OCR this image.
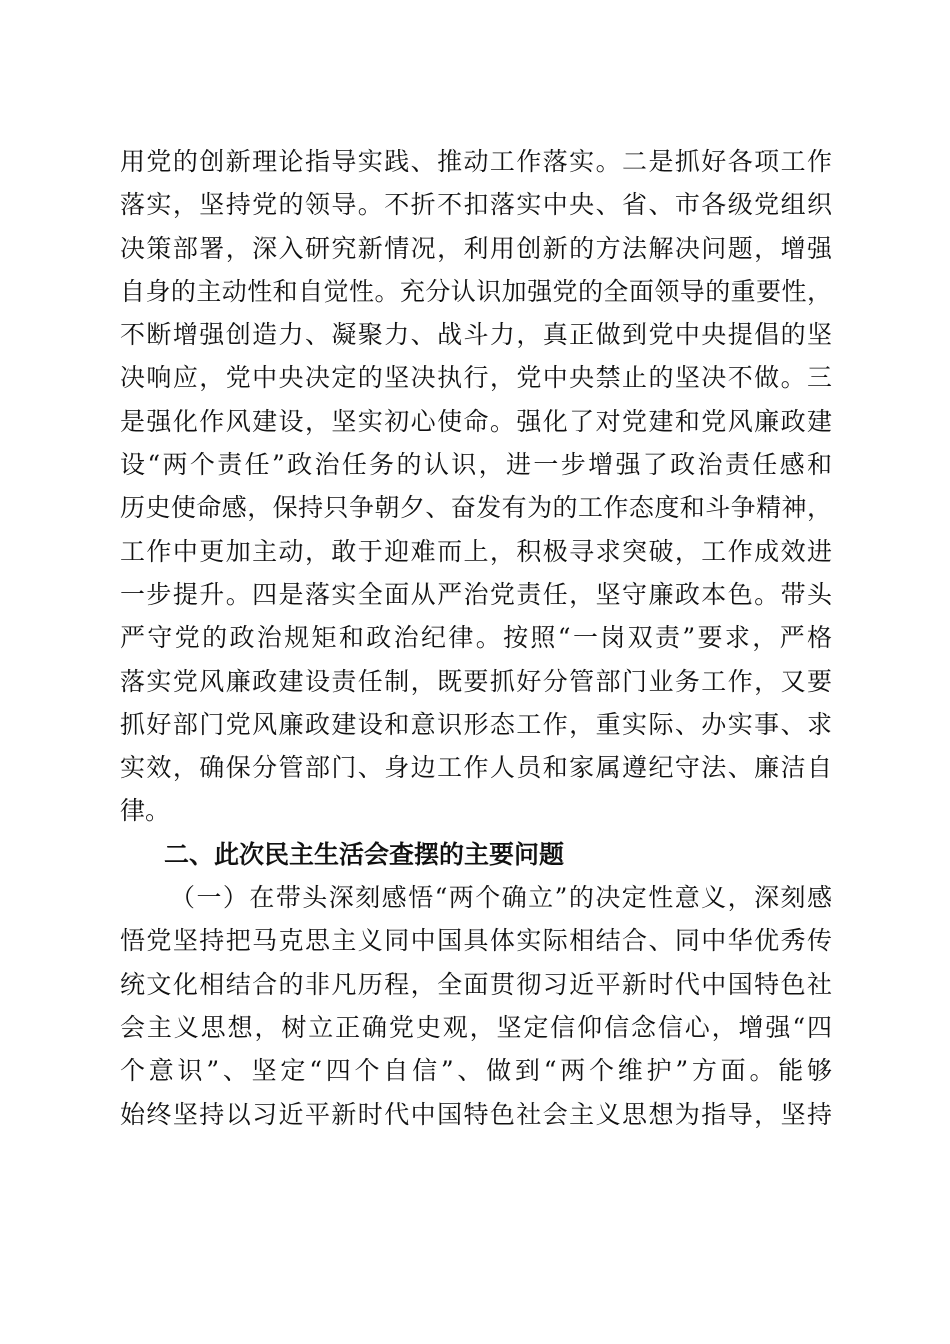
用党的创新理论指导实践、推动工作落实。二是抓好各项工作
落实，坚持党的领导。不折不扣落实中央、省、市各级党组织
决策部署，深入研究新情况，利用创新的方法解决问题，增强
自身的主动性和自觉性。充分认识加强党的全面领导的重要性，
不断增强创造力、凝聚力、战斗力，真正做到党中央提倡的坚
决响应，党中央决定的坚决执行，党中央禁止的坚决不做。三
是强化作风建设，坚实初心使命。强化了对党建和党风廉政建
设“两个责任”政治任务的认识，进一步增强了政治责任感和
历史使命感，保持只争朝夕、奋发有为的工作态度和斗争精神，
工作中更加主动，敢于迎难而上，积极寻求突破，工作成效进
一步提升。四是落实全面从严治党责任，坚守廉政本色。带头
严守党的政治规矩和政治纪律。按照“一岗双责”要求，严格
落实党风廉政建设责任制，既要抓好分管部门业务工作，又要
抓好部门党风廉政建设和意识形态工作，重实际、办实事、求
实效，确保分管部门、身边工作人员和家属遵纪守法、廉洁自
律。
二、此次民主生活会查摆的主要问题
（一）在带头深刻感悟“两个确立”的决定性意义，深刻感
悟党坚持把马克思主义同中国具体实际相结合、同中华优秀传
统文化相结合的非凡历程，全面贯彻习近平新时代中国特色社
会主义思想，树立正确党史观，坚定信仰信念信心，增强“四
个意识”、坚定“四个自信”、做到“两个维护”方面。能够
始终坚持以习近平新时代中国特色社会主义思想为指导，坚持
